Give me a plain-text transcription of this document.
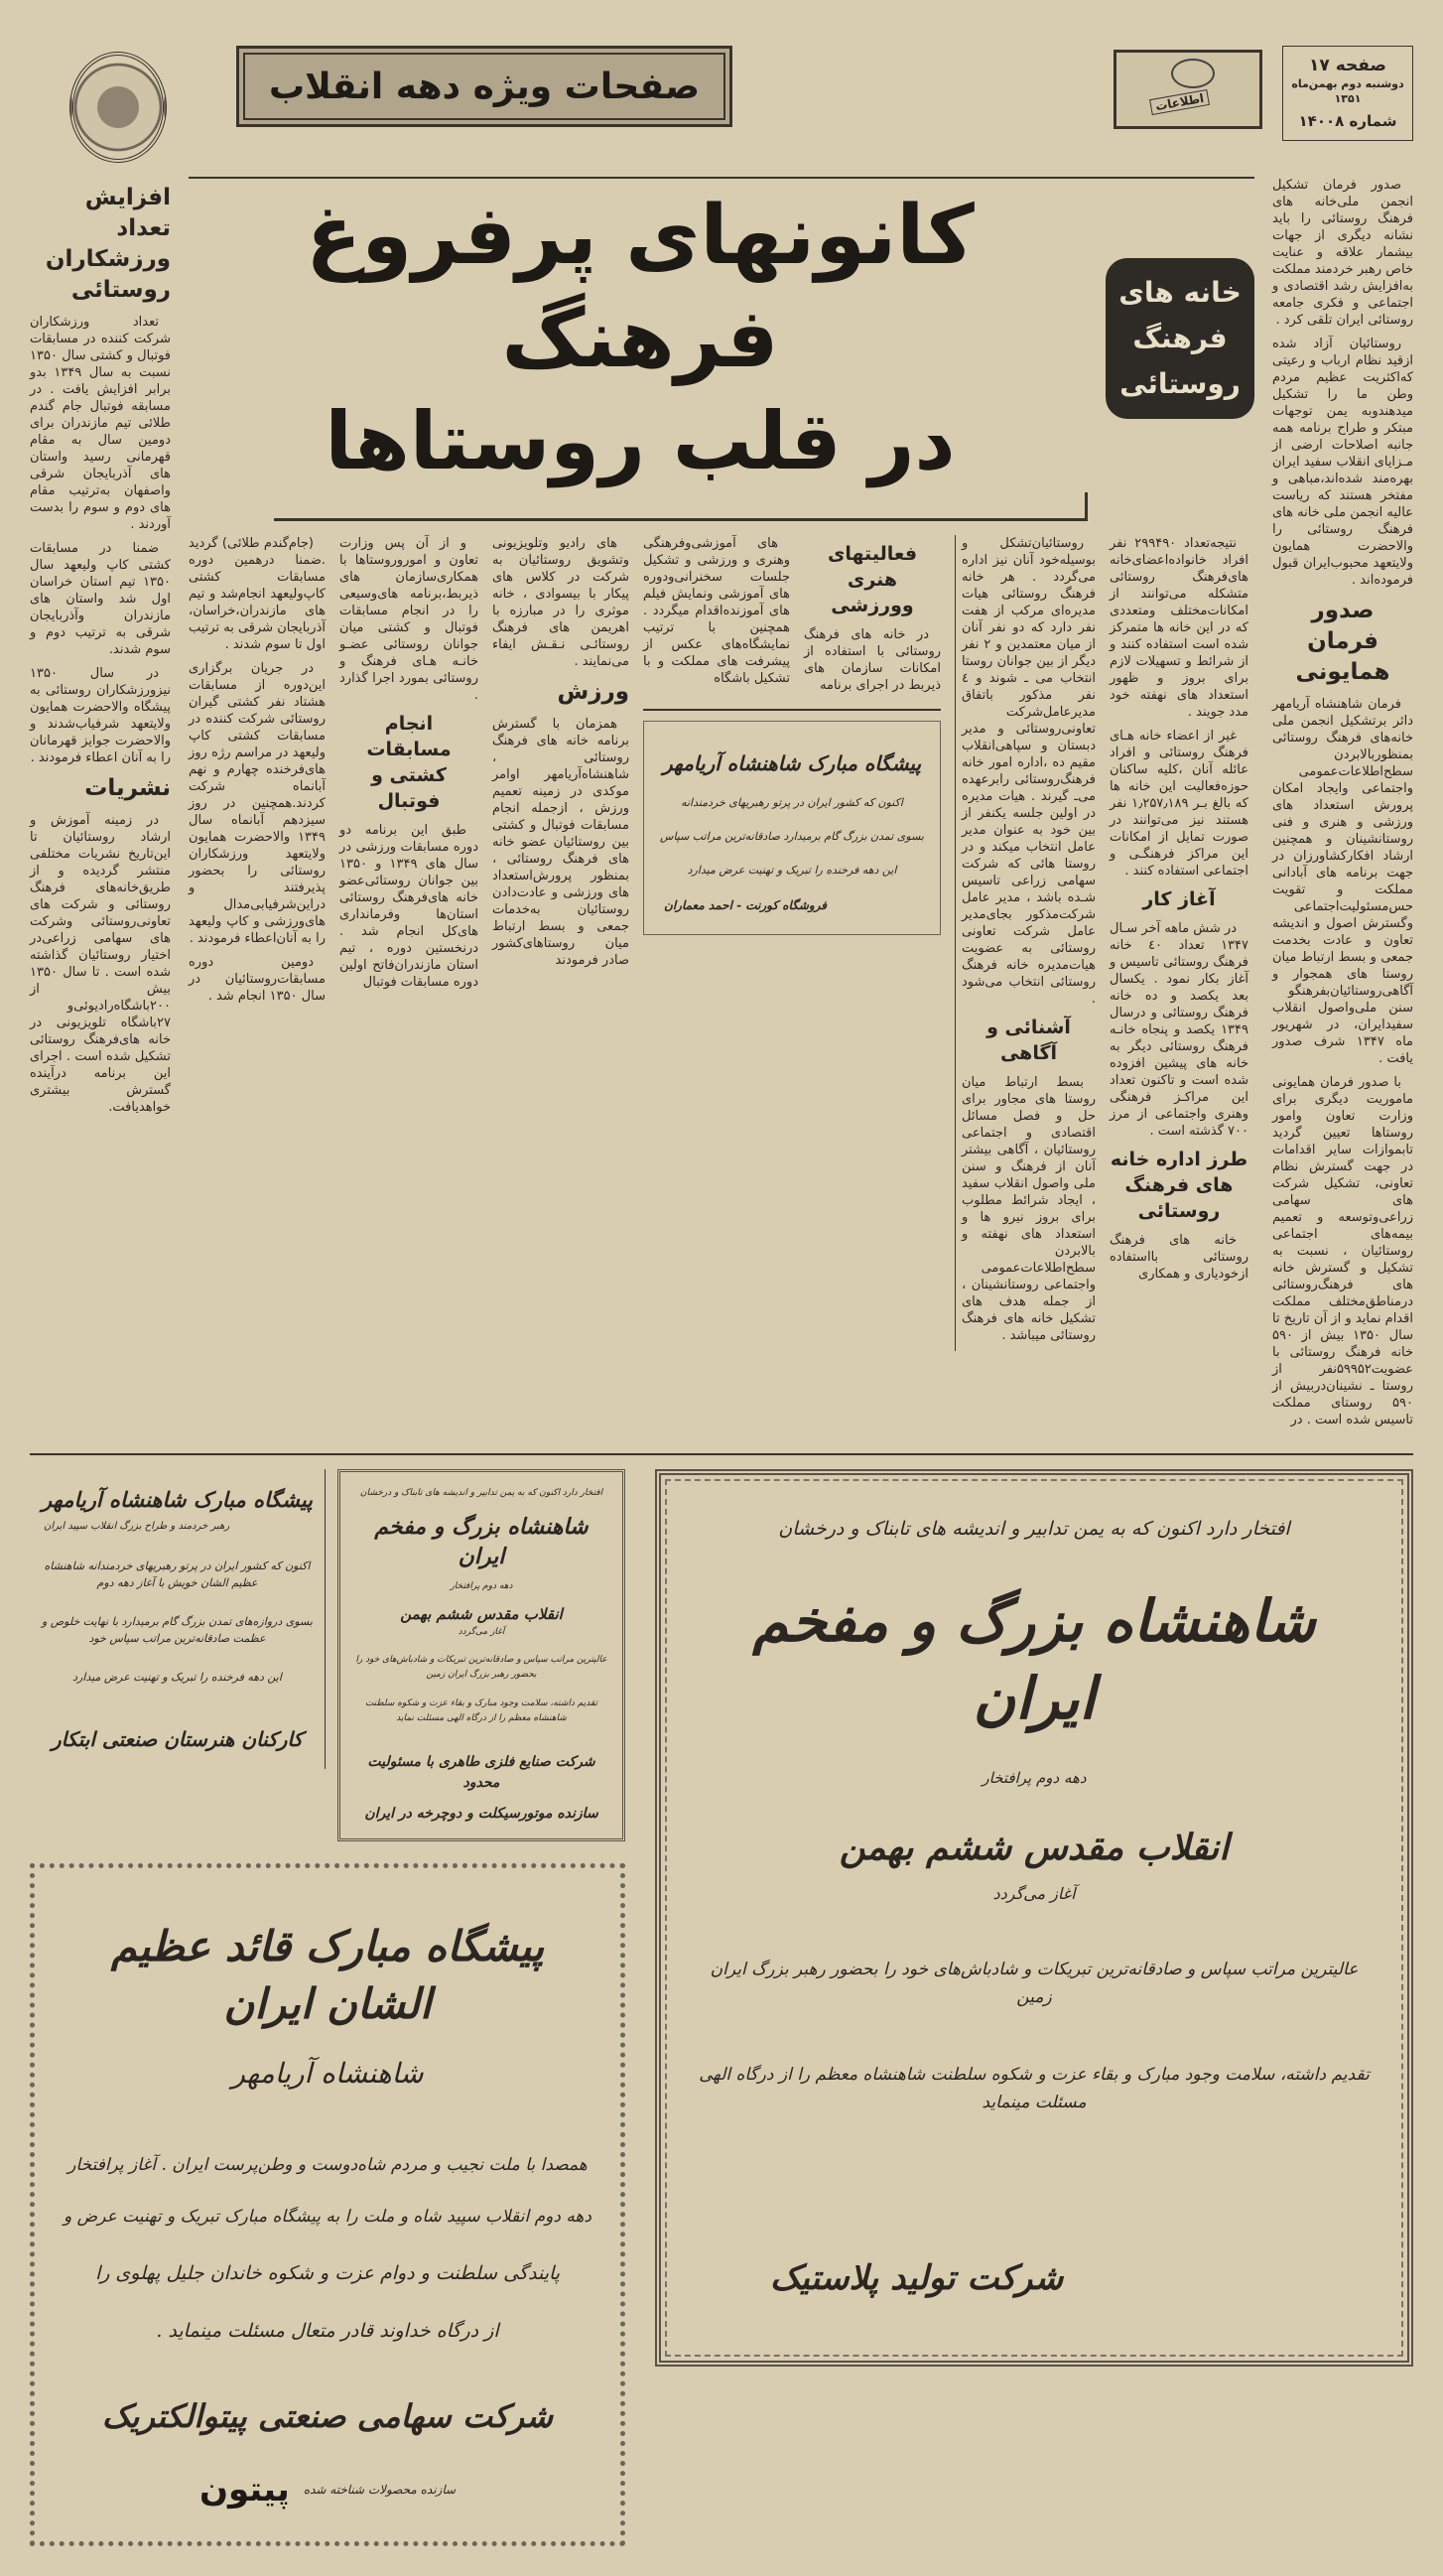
صفحات ویژه دهه انقلاب	اطلاعات
صفحه ۱۷
دوشنبه دوم بهمن‌ماه
۱۳۵۱
شماره ۱۴۰۰۸
افزایش تعداد ورزشکاران روستائی

تعداد ورزشکاران شرکت کننده در مسابقات فوتبال و کشتی سال ۱۳۵۰ نسبت به سال ۱۳۴۹ بدو برابر افزایش یافت . در مسابقه فوتبال جام گندم طلائی تیم مازندران برای دومین سال به مقام قهرمانی رسید واستان های آذربایجان شرقی واصفهان به‌ترتیب مقام های دوم و سوم را بدست آوردند .

ضمنا در مسابقات کشتی کاپ ولیعهد سال ۱۳۵۰ تیم استان خراسان اول شد واستان های مازندران وآذربایجان شرقی به ترتیب دوم و سوم شدند.

در سال ۱۳۵۰ نیزورزشکاران روستائی به پیشگاه والاحضرت همایون ولایتعهد شرفیاب‌شدند و والاحضرت جوایز قهرمانان را به آنان اعطاء فرمودند .

نشریات

در زمینه آموزش و ارشاد روستائیان تا این‌تاریخ نشریات مختلفی منتشر گردیده و از طریق‌خانه‌های فرهنگ روستائی و شرکت های تعاونی‌روستائی وشرکت های سهامی زراعی‌در اختیار روستائیان گذاشته شده است . تا سال ۱۳۵۰ بیش از ۲۰۰باشگاه‌رادیوئی‌و ۲۷باشگاه تلویزیونی در خانه های‌فرهنگ روستائی تشکیل شده است . اجرای این برنامه درآینده گسترش بیشتری خواهدیافت.

کانونهای پرفروغ فرهنگ
در قلب روستاها
خانه های
فرهنگ
روستائی

(جام‌گندم طلائی) گردید .ضمنا درهمین دوره مسابقات کشتی کاپ‌ولیعهد انجام‌شد و تیم های مازندران،خراسان، آذربایجان شرقی به ترتیب اول تا سوم شدند .

در جریان برگزاری این‌دوره از مسابقات هشتاد نفر کشتی گیران روستائی شرکت کننده در مسابقات کشتی کاپ ولیعهد در مراسم رژه روز های‌فرخنده چهارم و نهم آبانماه شرکت کردند.همچنین در روز سیزدهم آبانماه سال ۱۳۴۹ والاحضرت همایون ولایتعهد ورزشکاران روستائی را بحضور پذیرفتند و دراین‌شرفیابی‌مدال های‌ورزشی و کاپ ولیعهد را به آنان‌اعطاء فرمودند .

دومین دوره مسابقات‌روستائیان در سال ۱۳۵۰ انجام شد .

و از آن پس وزارت تعاون و اموروروستاها با همکاری‌سازمان های ذیربط،برنامه های‌وسیعی را در انجام مسابقات فوتبال و کشتی میان جوانان روستائی عضـو خانـه هـای فرهنگ و روستائی بمورد اجرا گذارد .

انجام مسابقات کشتی و فوتبال

طبق این برنامه دو دوره مسابقات ورزشی در سال های ۱۳۴۹ و ۱۳۵۰ بین جوانان روستائی‌عضو خانه های‌فرهنگ روستائی استان‌ها وفرمانداری های‌کل انجام شد . درنخستین دوره ، تیم استان مازندران‌فاتح اولین دوره مسابقات فوتبال

های رادیو وتلویزیونی وتشویق روستائیان به شرکت در کلاس های پیکار با بیسوادی ، خانه موثری را در مبارزه با اهریمن های فرهنگ روستائـی نـقـش ایفاء می‌نمایند .

ورزش

همزمان با گسترش برنامه خانه های فرهنگ روستائی ، شاهنشاه‌آریامهر اوامر موکدی در زمینه تعمیم ورزش ، ازجمله انجام مسابقات فوتبال و کشتی بین روستائیان عضو خانه های فرهنگ روستائی ، بمنظور پرورش‌استعداد های ورزشی و عادت‌دادن روستائیان به‌خدمات جمعی و بسط ارتباط میان روستاهای‌کشور صادر فرمودند

های آموزشی‌وفرهنگی وهنری و ورزشی و تشکیل جلسات سخنرانی‌ودوره های آموزشی ونمایش فیلم های آموزنده‌اقدام میگردد . همچنین با ترتیب نمایشگاه‌های عکس از پیشرفت های مملکت و با تشکیل باشگاه

فعالیتهای هنری وورزشی

در خانه های فرهنگ روستائی با استفاده از امکانات سازمان های ذیربط در اجرای برنامه

پیشگاه مبارک شاهنشاه آریامهر
اکنون که کشور ایران در پرتو رهبریهای خردمندانه
بسوی تمدن بزرگ گام برمیدارد صادقانه‌ترین مراتب سپاس
این دهه فرخنده را تبریک و تهنیت عرض میدارد
فروشگاه کورنت - احمد معماران

روستائیان‌تشکل و بوسیله‌خود آنان نیز اداره می‌گردد . هر خانه فرهنگ روستائی هیات مدیره‌ای مرکب از هفت نفر دارد که دو نفر آنان از میان معتمدین و ۲ نفر دیگر از بین جوانان روستا انتخاب می ـ شوند و ٤ نفر مذکور باتفاق مدیرعامل‌شرکت تعاونی‌روستائی و مدیر دبستان و سپاهی‌انقلاب مقیم ده ،اداره امور خانه فرهنگ‌روستائی رابرعهده می‌ـ گیرند . هیات مدیره در اولین جلسه یکنفر از بین خود به عنوان مدیر عامل انتخاب میکند و در روستا هائی که شرکت سهامی زراعی تاسیس شـده باشد ، مدیر عامل شرکت‌مذکور بجای‌مدیر عامل شرکت تعاونی روستائی به عضویت هیات‌مدیره خانه فرهنگ روستائی انتخاب می‌شود .

آشنائی و آگاهی

بسط ارتباط میان روستا های مجاور برای حل و فصل مسائل اقتصادی و اجتماعی روستائیان ، آگاهی بیشتر آنان از فرهنگ و سنن ملی واصول انقلاب سفید ، ایجاد شرائط مطلوب برای بروز نیرو ها و استعداد های نهفته و بالابردن سطح‌اطلاعات‌عمومی واجتماعی روستانشینان ، از جمله هدف های تشکیل خانه های فرهنگ روستائی میباشد .

نتیجه‌تعداد ۲۹۹۴۹۰ نفر افراد خانواده‌اعضای‌خانه های‌فرهنگ روستائی متشکله می‌توانند از امکانات‌مختلف ومتعددی که در این خانه ها متمرکز شده است استفاده کنند و از شرائط و تسهیلات لازم برای بروز و ظهور استعداد های نهفته خود مدد جویند .

غیر از اعضاء خانه هـای فرهنگ روستائی و افراد عائله آنان ،کلیه ساکنان حوزه‌فعالیت این خانه ها که بالغ بـر ۱٫۲۵۷٫۱۸۹ نفر هستند نیز می‌توانند در صورت تمایل از امکانات این مراکز فرهنگـی و اجتماعی استفاده کنند .

آغاز کار

در شش ماهه آخر سـال ۱۳۴۷ تعداد ٤۰ خانه فرهنگ روستائی تاسیس و آغاز بکار نمود . یکسال بعد یکصد و ده خانه فرهنگ روستائی و درسال ۱۳۴۹ یکصد و پنجاه خانـه فرهنگ روستائی دیگر به خانه های پیشین افزوده شده است و تاکنون تعداد این مراکـز فرهنگی وهنری واجتماعی از مرز ۷۰۰ گذشته است .

طرز اداره خانه های فرهنگ روستائی

خانه های فرهنگ روستائی بااستفاده ازخودیاری و همکاری

صدور فرمان تشکیل انجمن ملی‌خانه های فرهنگ روستائی را باید نشانه دیگری از جهات بیشمار علاقه و عنایت خاص رهبر خردمند مملکت به‌افزایش رشد اقتصادی و اجتماعی و فکری جامعه روستائی ایران تلقی کرد .

روستائیان آزاد شده ازقید نظام ارباب و رعیتی که‌اکثریت عظیم مردم وطن ما را تشکیل میدهندوبه یمن توجهات مبتکر و طراح برنامه همه جانبه اصلاحات ارضی از مـزایای انقلاب سفید ایران بهره‌مند شده‌اند،مباهی و مفتخر هستند که ریاست عالیه انجمن ملی خانه های فرهنگ روستائی را والاحضرت همایون ولایتعهد محبوب‌ایران قبول فرموده‌اند .

صدور فرمان همایونی

فرمان شاهنشاه آریامهر دائر برتشکیل انجمن ملی خانه‌های فرهنگ روستائی بمنظوربالابردن سطح‌اطلاعات‌عمومی واجتماعی وایجاد امکان پرورش استعداد های ورزشی و هنری و فنی روستانشینان و همچنین ارشاد افکارکشاورزان در جهت برنامه های آبادانی مملکت و تقویت حس‌مسئولیت‌اجتماعی وگسترش اصول و اندیشه تعاون و عادت بخدمت جمعی و بسط ارتباط میان روستا های همجوار و آگاهی‌روستائیان‌بفرهنگو سنن ملی‌واصول انقلاب سفیدایران، در شهریور ماه ۱۳۴۷ شرف صدور یافت .

با صدور فرمان همایونی ماموریت دیگری برای وزارت تعاون وامور روستاها تعیین گردید تابموازات سایر اقدامات در جهت گسترش نظام تعاونی، تشکیل شرکت های سهامی زراعی‌وتوسعه و تعمیم بیمه‌های اجتماعی روستائیان ، نسبت به تشکیل و گسترش خانه های فرهنگ‌روستائی درمناطق‌مختلف مملکت اقدام نماید و از آن تاریخ تا سال ۱۳۵۰ بیش از ۵۹۰ خانه فرهنگ روستائی با عضویت۵۹۹۵۲نفر از روستا ـ نشینان‌دربیش از ۵۹۰ روستای مملکت تاسیس شده است . در

پیشگاه مبارک شاهنشاه آریامهر
رهبر خردمند و طراح بزرگ انقلاب سپید ایران
اکنون که کشور ایران در پرتو رهبریهای خردمندانه شاهنشاه عظیم الشان خویش با آغاز دهه دوم
بسوی دروازه‌های تمدن بزرگ گام برمیدارد با نهایت خلوص و عظمت صادقانه‌ترین مراتب سپاس خود
این دهه فرخنده را تبریک و تهنیت عرض میدارد
کارکنان هنرستان صنعتی ابتکار
افتخار دارد اکنون که به یمن تدابیر و اندیشه های تابناک و درخشان
شاهنشاه بزرگ و مفخم ایران
دهه دوم پرافتخار
انقلاب مقدس ششم بهمن
آغاز می‌گردد
عالیترین مراتب سپاس و صادقانه‌ترین تبریکات و شادباش‌های خود را بحضور رهبر بزرگ ایران زمین
تقدیم داشته، سلامت وجود مبارک و بقاء عزت و شکوه سلطنت شاهنشاه معظم را از درگاه الهی مسئلت نماید
شرکت صنایع فلزی طاهری با مسئولیت محدود
سازنده موتورسیکلت و دوچرخه در ایران
پیشگاه مبارک قائد عظیم الشان ایران
شاهنشاه آریامهر
همصدا با ملت نجیب و مردم شاه‌دوست و وطن‌پرست ایران . آغاز پرافتخار
دهه دوم انقلاب سپید شاه و ملت را به پیشگاه مبارک تبریک و تهنیت عرض و
پایندگی سلطنت و دوام عزت و شکوه خاندان جلیل پهلوی را
از درگاه خداوند قادر متعال مسئلت مینماید .
شرکت سهامی صنعتی پیتوالکتریک
سازنده محصولات شناخته شده
پیتون
افتخار دارد اکنون که به یمن تدابیر و اندیشه های تابناک و درخشان
شاهنشاه بزرگ و مفخم ایران
دهه دوم پرافتخار
انقلاب مقدس ششم بهمن
آغاز می‌گردد
عالیترین مراتب سپاس و صادقانه‌ترین تبریکات و شادباش‌های خود را بحضور رهبر بزرگ ایران زمین
تقدیم داشته، سلامت وجود مبارک و بقاء عزت و شکوه سلطنت شاهنشاه معظم را از درگاه الهی مسئلت مینماید
شرکت تولید پلاستیک
